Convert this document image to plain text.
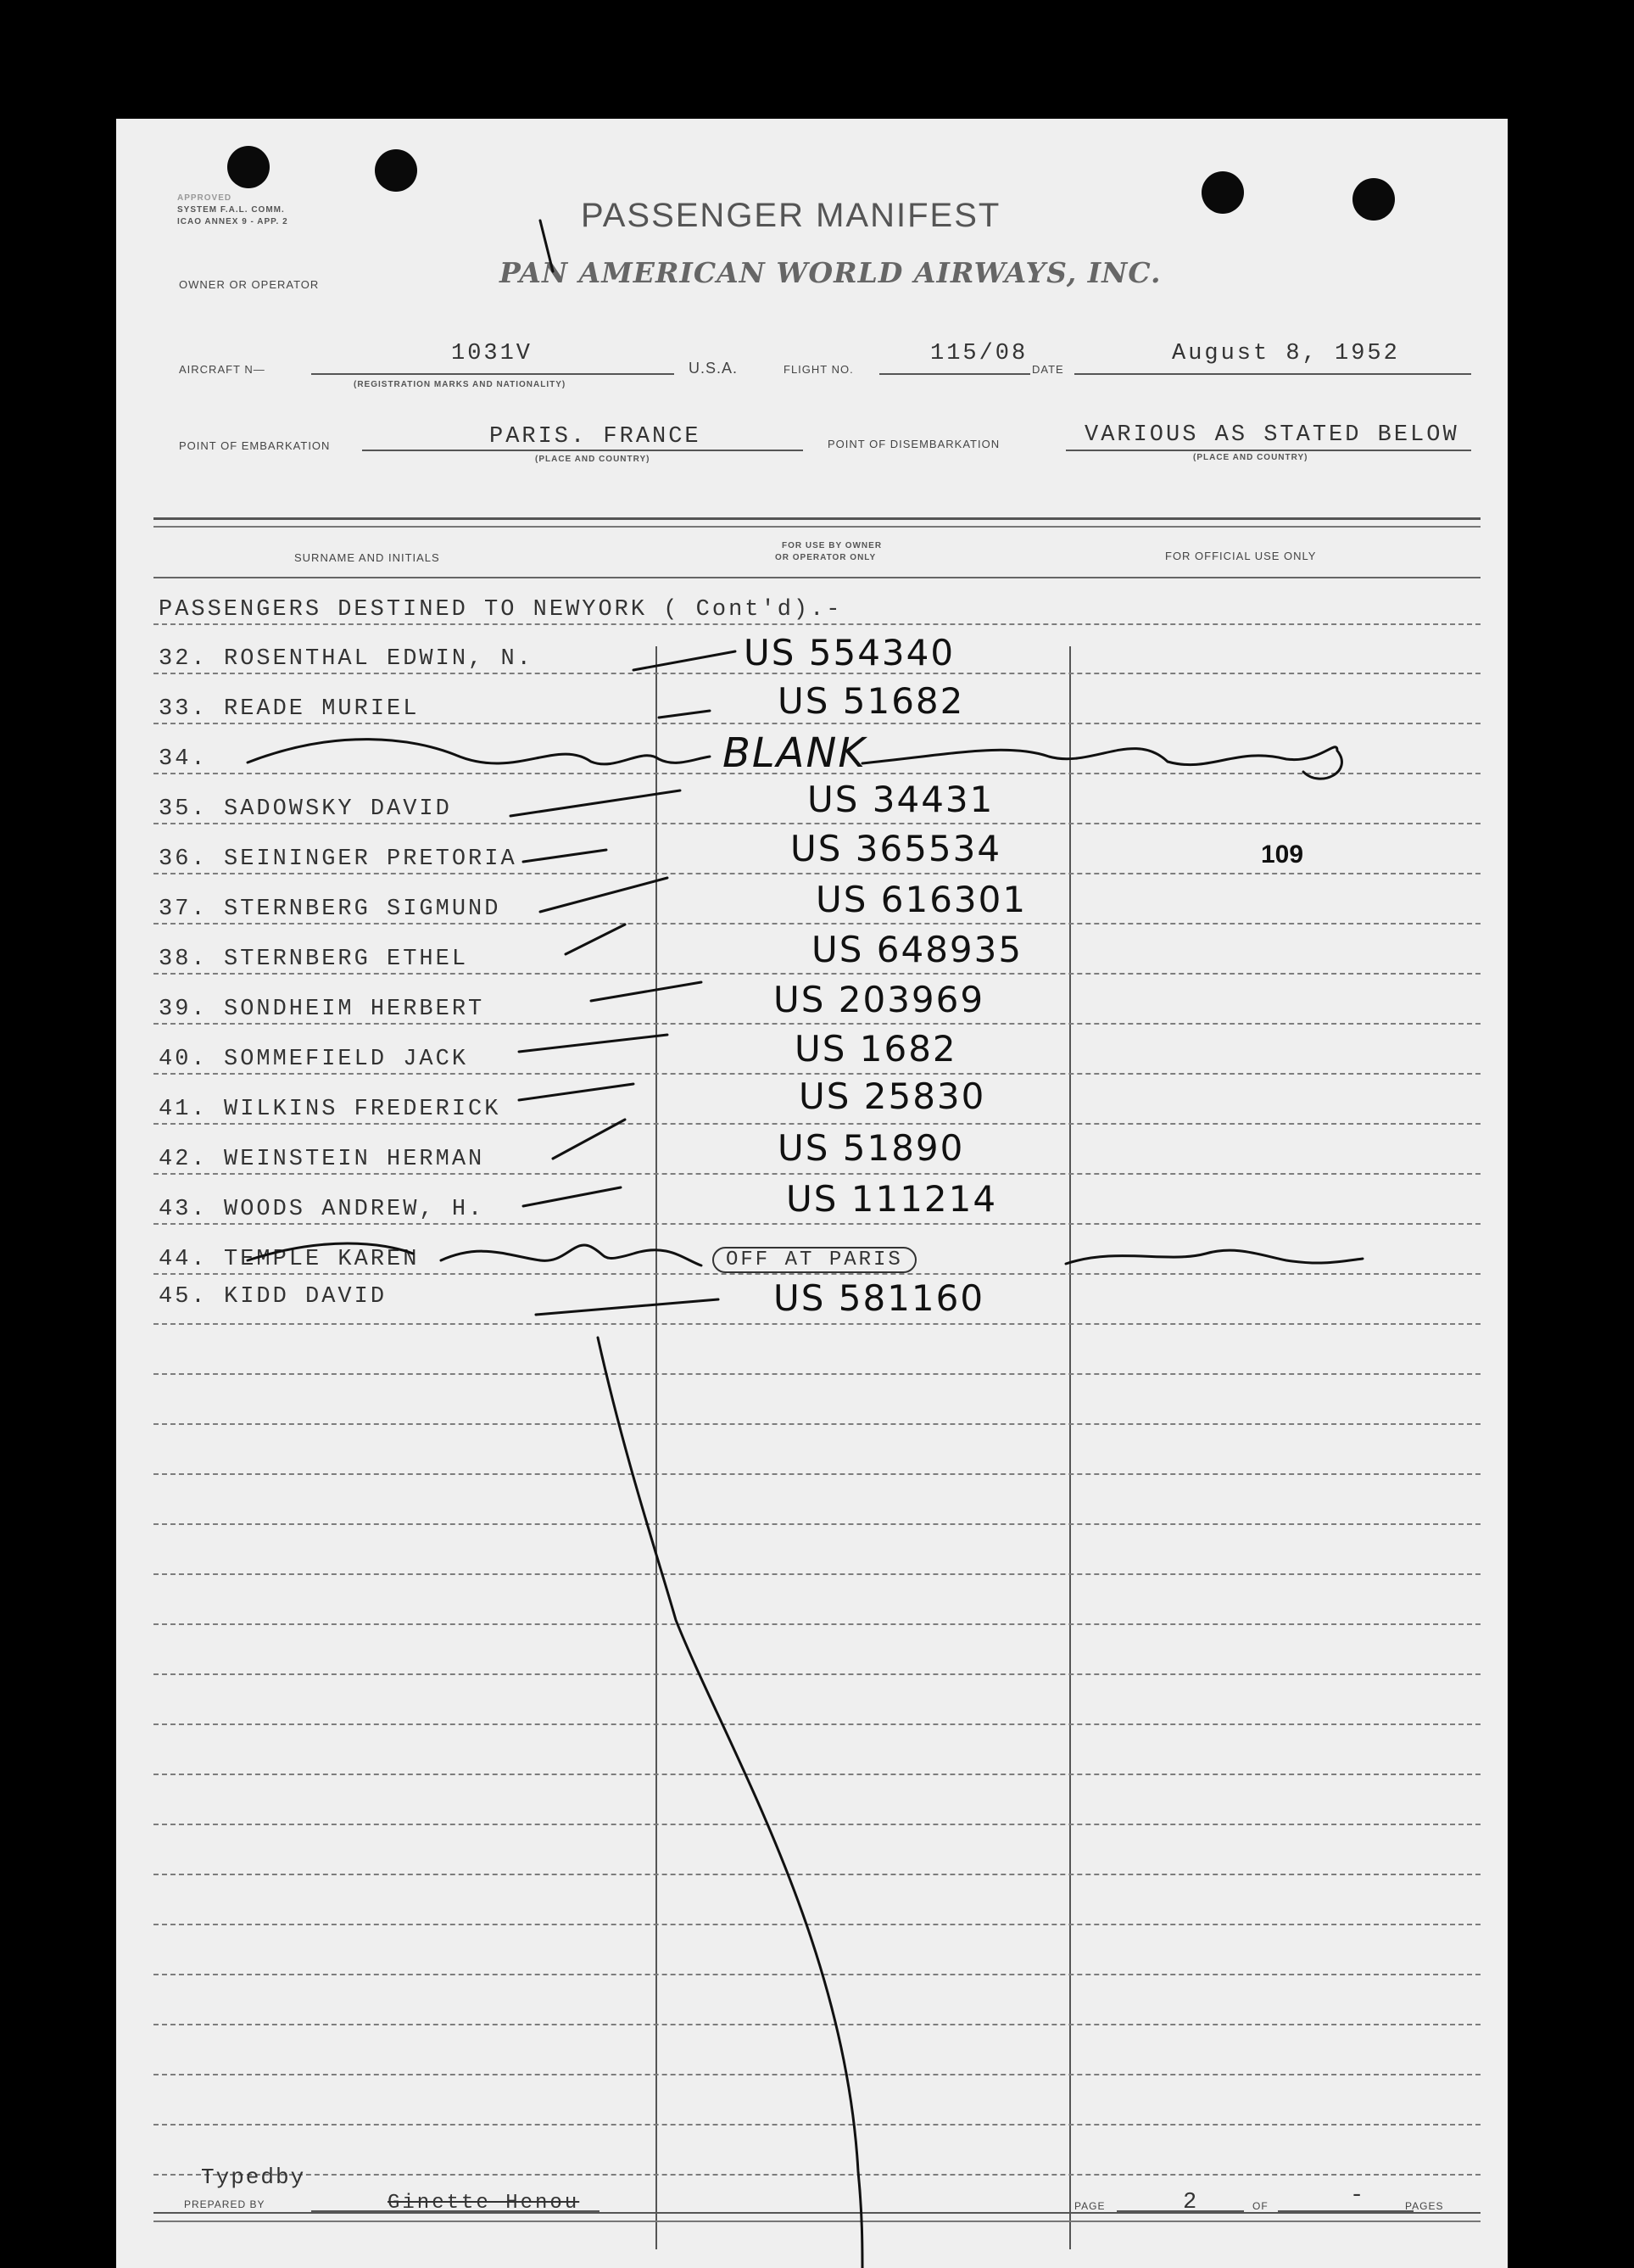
APPROVED
SYSTEM F.A.L. COMM.
ICAO ANNEX 9 - APP. 2	PASSENGER MANIFEST
OWNER OR OPERATOR	PAN AMERICAN WORLD AIRWAYS, INC.
AIRCRAFT N—
1031V
(REGISTRATION MARKS AND NATIONALITY)
U.S.A.	FLIGHT NO.
115/08
DATE
August 8, 1952
POINT OF EMBARKATION	PARIS. FRANCE
(PLACE AND COUNTRY)
POINT OF DISEMBARKATION	VARIOUS AS STATED BELOW
(PLACE AND COUNTRY)
SURNAME AND INITIALS
FOR USE BY OWNER
OR OPERATOR ONLY	FOR OFFICIAL USE ONLY
PASSENGERS DESTINED TO NEWYORK ( Cont'd).-
32. ROSENTHAL EDWIN, N.	US 554340
33. READE MURIEL	US 51682
34.	BLANK
35. SADOWSKY DAVID	US 34431
36. SEININGER PRETORIA	US 365534	109
37. STERNBERG SIGMUND	US 616301
38. STERNBERG ETHEL	US 648935
39. SONDHEIM HERBERT	US 203969
40. SOMMEFIELD JACK	US 1682
41. WILKINS FREDERICK	US 25830
42. WEINSTEIN HERMAN	US 51890
43. WOODS ANDREW, H.	US 111214
44. TEMPLE KAREN	OFF AT PARIS
45. KIDD DAVID	US 581160
Typedby
PREPARED BY	Ginette Henou	PAGE	2	OF	-	PAGES
